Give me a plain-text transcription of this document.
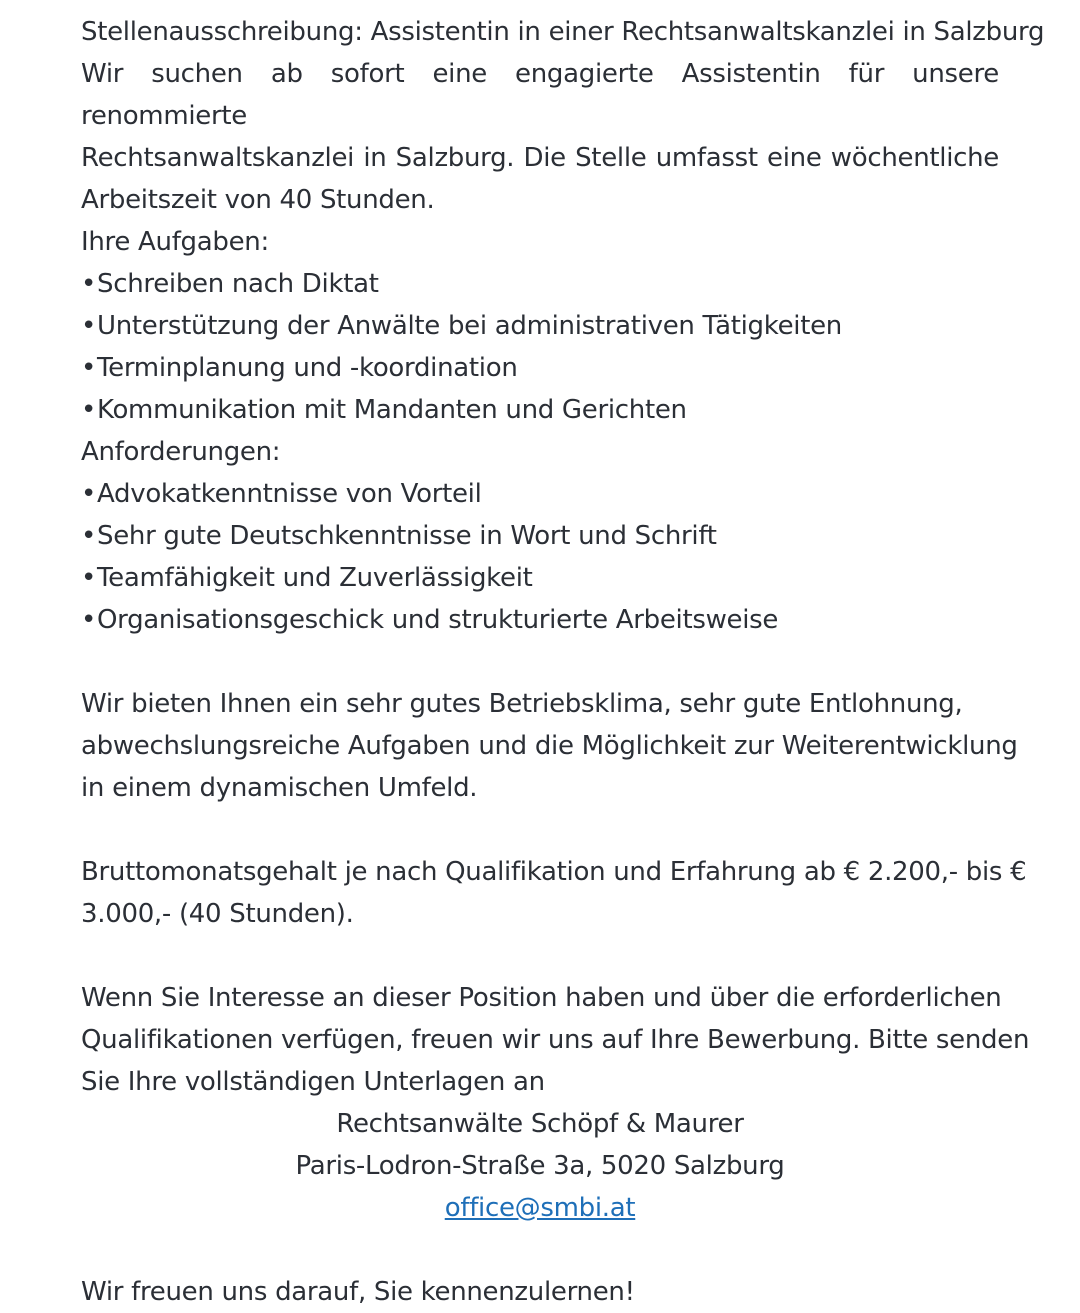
Stellenausschreibung: Assistentin in einer Rechtsanwaltskanzlei in Salzburg
Wir suchen ab sofort eine engagierte Assistentin für unsere renommierte
Rechtsanwaltskanzlei in Salzburg. Die Stelle umfasst eine wöchentliche
Arbeitszeit von 40 Stunden.
Ihre Aufgaben:
•Schreiben nach Diktat
•Unterstützung der Anwälte bei administrativen Tätigkeiten
•Terminplanung und -koordination
•Kommunikation mit Mandanten und Gerichten
Anforderungen:
•Advokatkenntnisse von Vorteil
•Sehr gute Deutschkenntnisse in Wort und Schrift
•Teamfähigkeit und Zuverlässigkeit
•Organisationsgeschick und strukturierte Arbeitsweise
Wir bieten Ihnen ein sehr gutes Betriebsklima, sehr gute Entlohnung,
abwechslungsreiche Aufgaben und die Möglichkeit zur Weiterentwicklung
in einem dynamischen Umfeld.
Bruttomonatsgehalt je nach Qualifikation und Erfahrung ab € 2.200,- bis €
3.000,- (40 Stunden).
Wenn Sie Interesse an dieser Position haben und über die erforderlichen
Qualifikationen verfügen, freuen wir uns auf Ihre Bewerbung. Bitte senden
Sie Ihre vollständigen Unterlagen an
Rechtsanwälte Schöpf & Maurer
Paris-Lodron-Straße 3a, 5020 Salzburg
office@smbi.at
Wir freuen uns darauf, Sie kennenzulernen!
